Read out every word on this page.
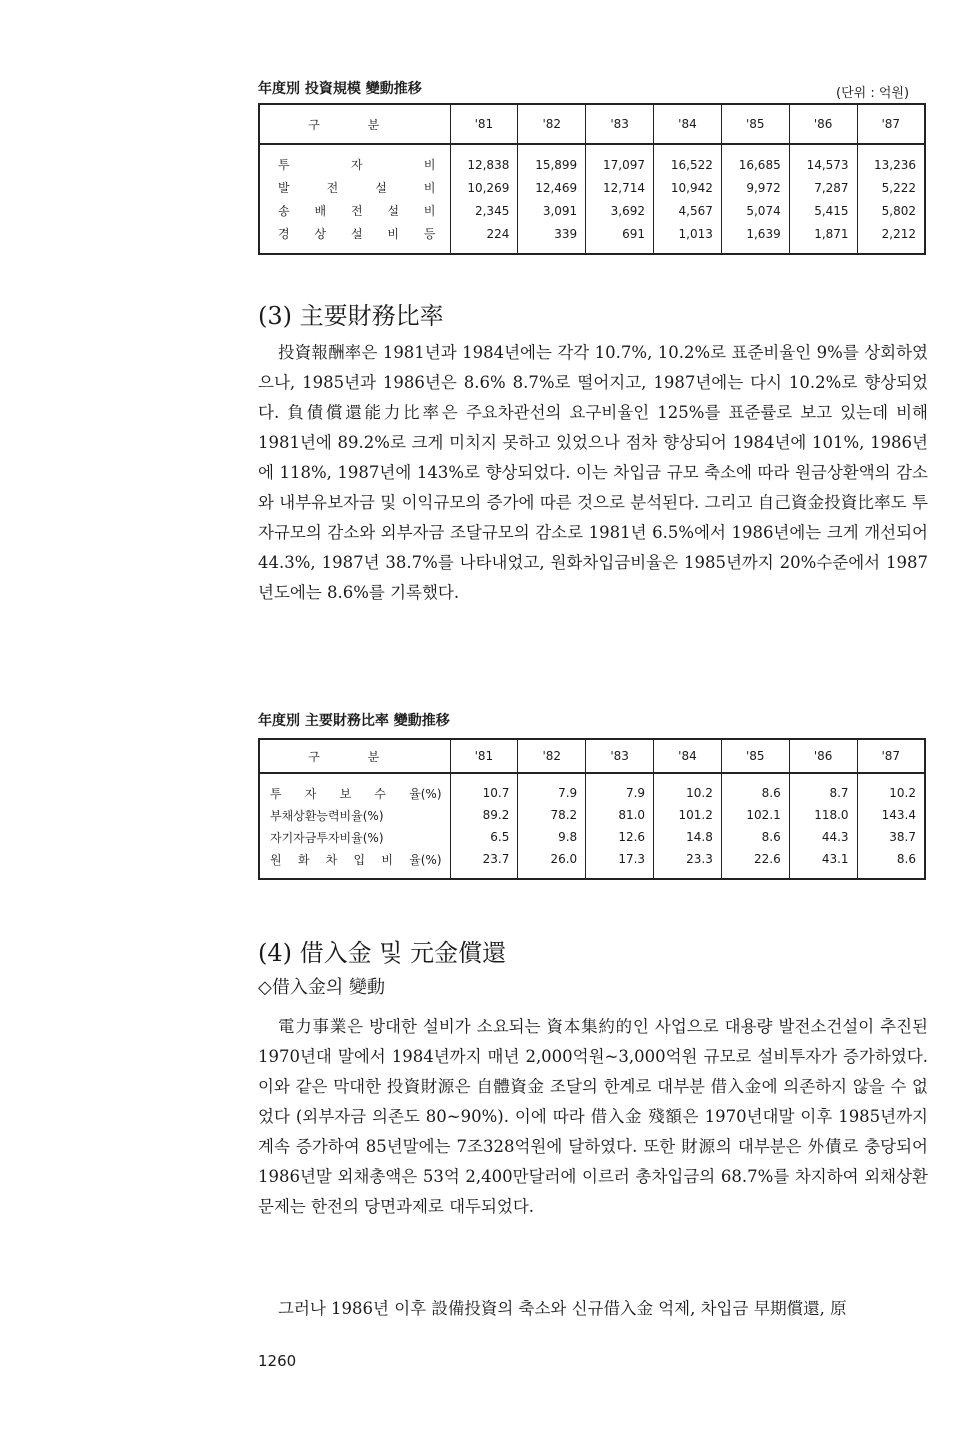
年度別 投資規模 變動推移	(단위 : 억원)
구 분	'81	'82	'83	'84	'85	'86	'87

투 자 비	12,838	15,899	17,097	16,522	16,685	14,573	13,236
발 전 설 비	10,269	12,469	12,714	10,942	9,972	7,287	5,222
송 배 전 설 비	2,345	3,091	3,692	4,567	5,074	5,415	5,802
경 상 설 비 등	224	339	691	1,013	1,639	1,871	2,212

(3) 主要財務比率
投資報酬率은 1981년과 1984년에는 각각 10.7%, 10.2%로 표준비율인 9%를 상회하였으나, 1985년과 1986년은 8.6% 8.7%로 떨어지고, 1987년에는 다시 10.2%로 향상되었다. 負債償還能力比率은 주요차관선의 요구비율인 125%를 표준률로 보고 있는데 비해 1981년에 89.2%로 크게 미치지 못하고 있었으나 점차 향상되어 1984년에 101%, 1986년에 118%, 1987년에 143%로 향상되었다. 이는 차입금 규모 축소에 따라 원금상환액의 감소와 내부유보자금 및 이익규모의 증가에 따른 것으로 분석된다. 그리고 自己資金投資比率도 투자규모의 감소와 외부자금 조달규모의 감소로 1981년 6.5%에서 1986년에는 크게 개선되어 44.3%, 1987년 38.7%를 나타내었고, 원화차입금비율은 1985년까지 20%수준에서 1987년도에는 8.6%를 기록했다.
年度別 主要財務比率 變動推移
구 분	'81	'82	'83	'84	'85	'86	'87

투 자 보 수 율(%)	10.7	7.9	7.9	10.2	8.6	8.7	10.2
부채상환능력비율(%)	89.2	78.2	81.0	101.2	102.1	118.0	143.4
자기자금투자비율(%)	6.5	9.8	12.6	14.8	8.6	44.3	38.7
원 화 차 입 비 율(%)	23.7	26.0	17.3	23.3	22.6	43.1	8.6

(4) 借入金 및 元金償還
◇借入金의 變動
電力事業은 방대한 설비가 소요되는 資本集約的인 사업으로 대용량 발전소건설이 추진된 1970년대 말에서 1984년까지 매년 2,000억원~3,000억원 규모로 설비투자가 증가하였다. 이와 같은 막대한 投資財源은 自體資金 조달의 한계로 대부분 借入金에 의존하지 않을 수 없었다 (외부자금 의존도 80~90%). 이에 따라 借入金 殘額은 1970년대말 이후 1985년까지 계속 증가하여 85년말에는 7조328억원에 달하였다. 또한 財源의 대부분은 外債로 충당되어 1986년말 외채총액은 53억 2,400만달러에 이르러 총차입금의 68.7%를 차지하여 외채상환문제는 한전의 당면과제로 대두되었다.
그러나 1986년 이후 設備投資의 축소와 신규借入金 억제, 차입금 早期償還, 原
1260
